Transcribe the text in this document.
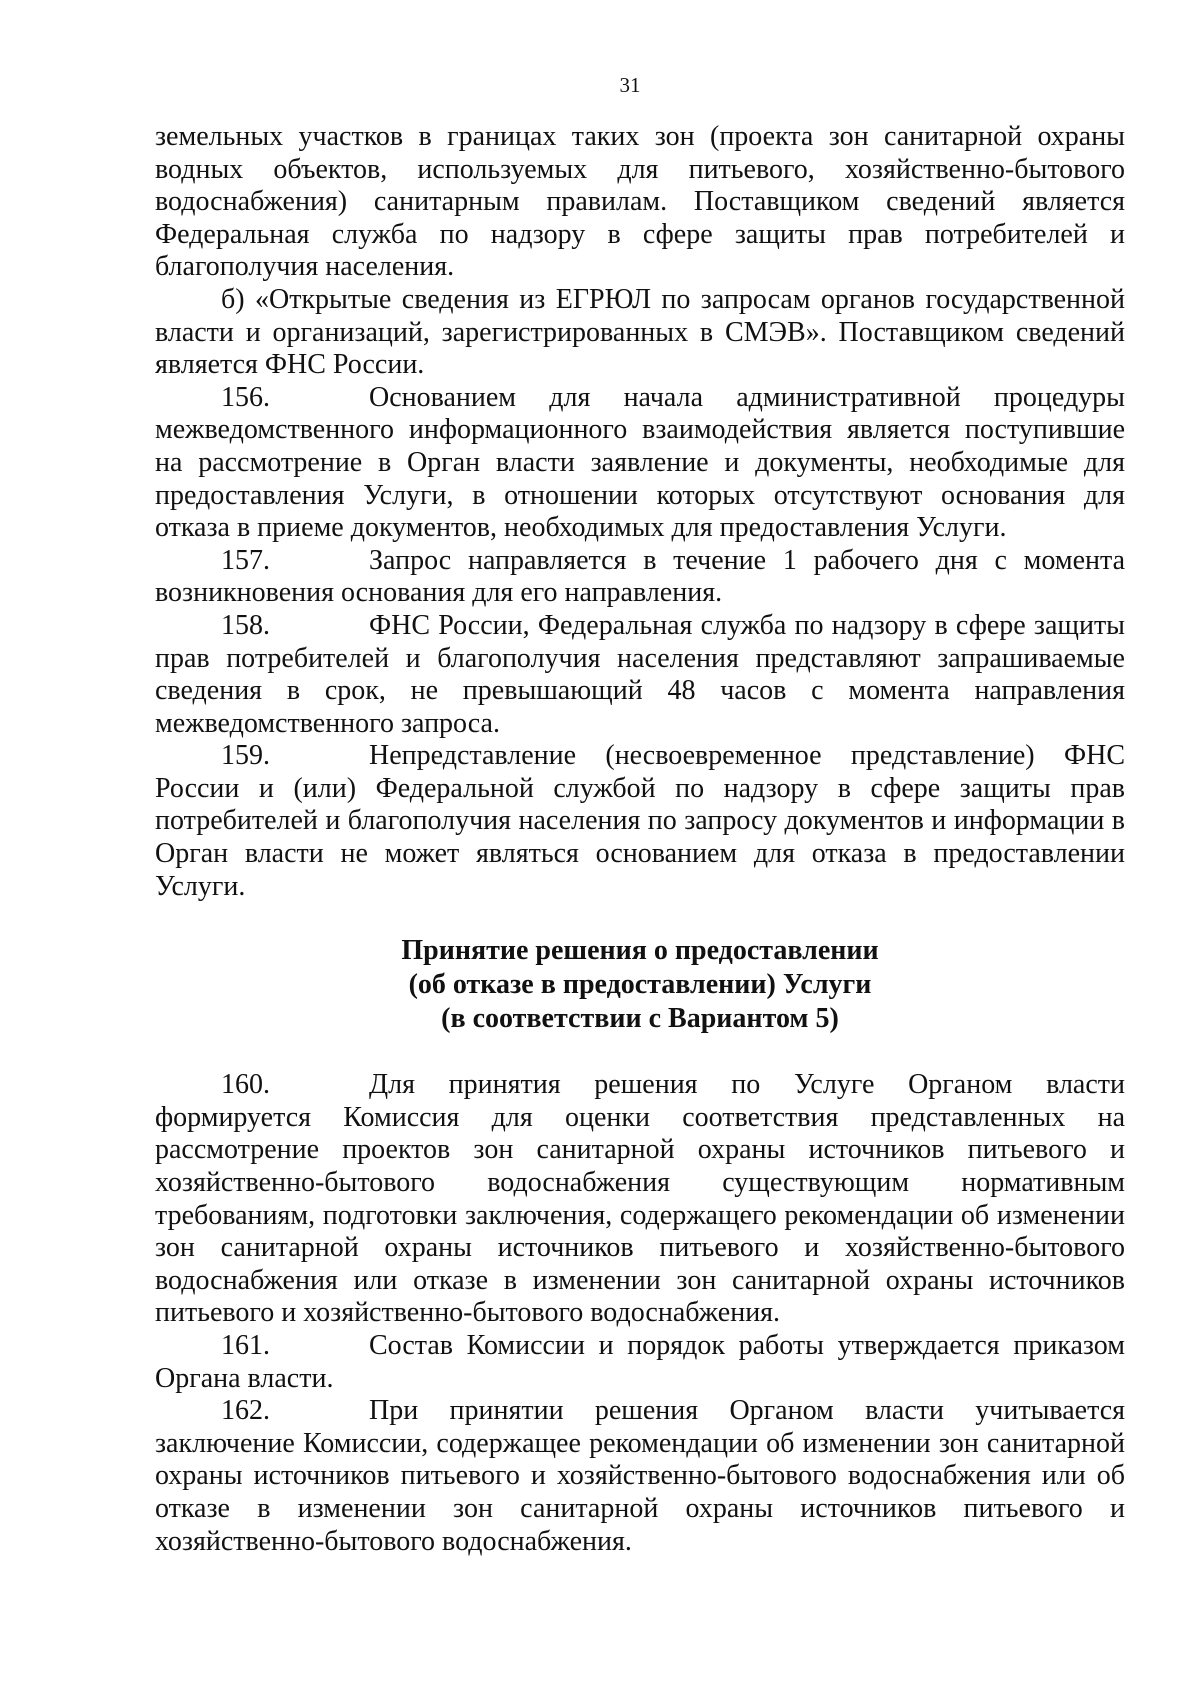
31

земельных участков в границах таких зон (проекта зон санитарной охраны водных объектов, используемых для питьевого, хозяйственно-бытового водоснабжения) санитарным правилам. Поставщиком сведений является Федеральная служба по надзору в сфере защиты прав потребителей и благополучия населения.

б) «Открытые сведения из ЕГРЮЛ по запросам органов государственной власти и организаций, зарегистрированных в СМЭВ». Поставщиком сведений является ФНС России.

156.	Основанием для начала административной процедуры межведомственного информационного взаимодействия является поступившие на рассмотрение в Орган власти заявление и документы, необходимые для предоставления Услуги, в отношении которых отсутствуют основания для отказа в приеме документов, необходимых для предоставления Услуги.

157.	Запрос направляется в течение 1 рабочего дня с момента возникновения основания для его направления.

158.	ФНС России, Федеральная служба по надзору в сфере защиты прав потребителей и благополучия населения представляют запрашиваемые сведения в срок, не превышающий 48 часов с момента направления межведомственного запроса.

159.	Непредставление (несвоевременное представление) ФНС России и (или) Федеральной службой по надзору в сфере защиты прав потребителей и благополучия населения по запросу документов и информации в Орган власти не может являться основанием для отказа в предоставлении Услуги.

Принятие решения о предоставлении
(об отказе в предоставлении) Услуги
(в соответствии с Вариантом 5)

160.	Для принятия решения по Услуге Органом власти формируется Комиссия для оценки соответствия представленных на рассмотрение проектов зон санитарной охраны источников питьевого и хозяйственно-бытового водоснабжения существующим нормативным требованиям, подготовки заключения, содержащего рекомендации об изменении зон санитарной охраны источников питьевого и хозяйственно-бытового водоснабжения или отказе в изменении зон санитарной охраны источников питьевого и хозяйственно-бытового водоснабжения.

161.	Состав Комиссии и порядок работы утверждается приказом Органа власти.

162.	При принятии решения Органом власти учитывается заключение Комиссии, содержащее рекомендации об изменении зон санитарной охраны источников питьевого и хозяйственно-бытового водоснабжения или об отказе в изменении зон санитарной охраны источников питьевого и хозяйственно-бытового водоснабжения.
